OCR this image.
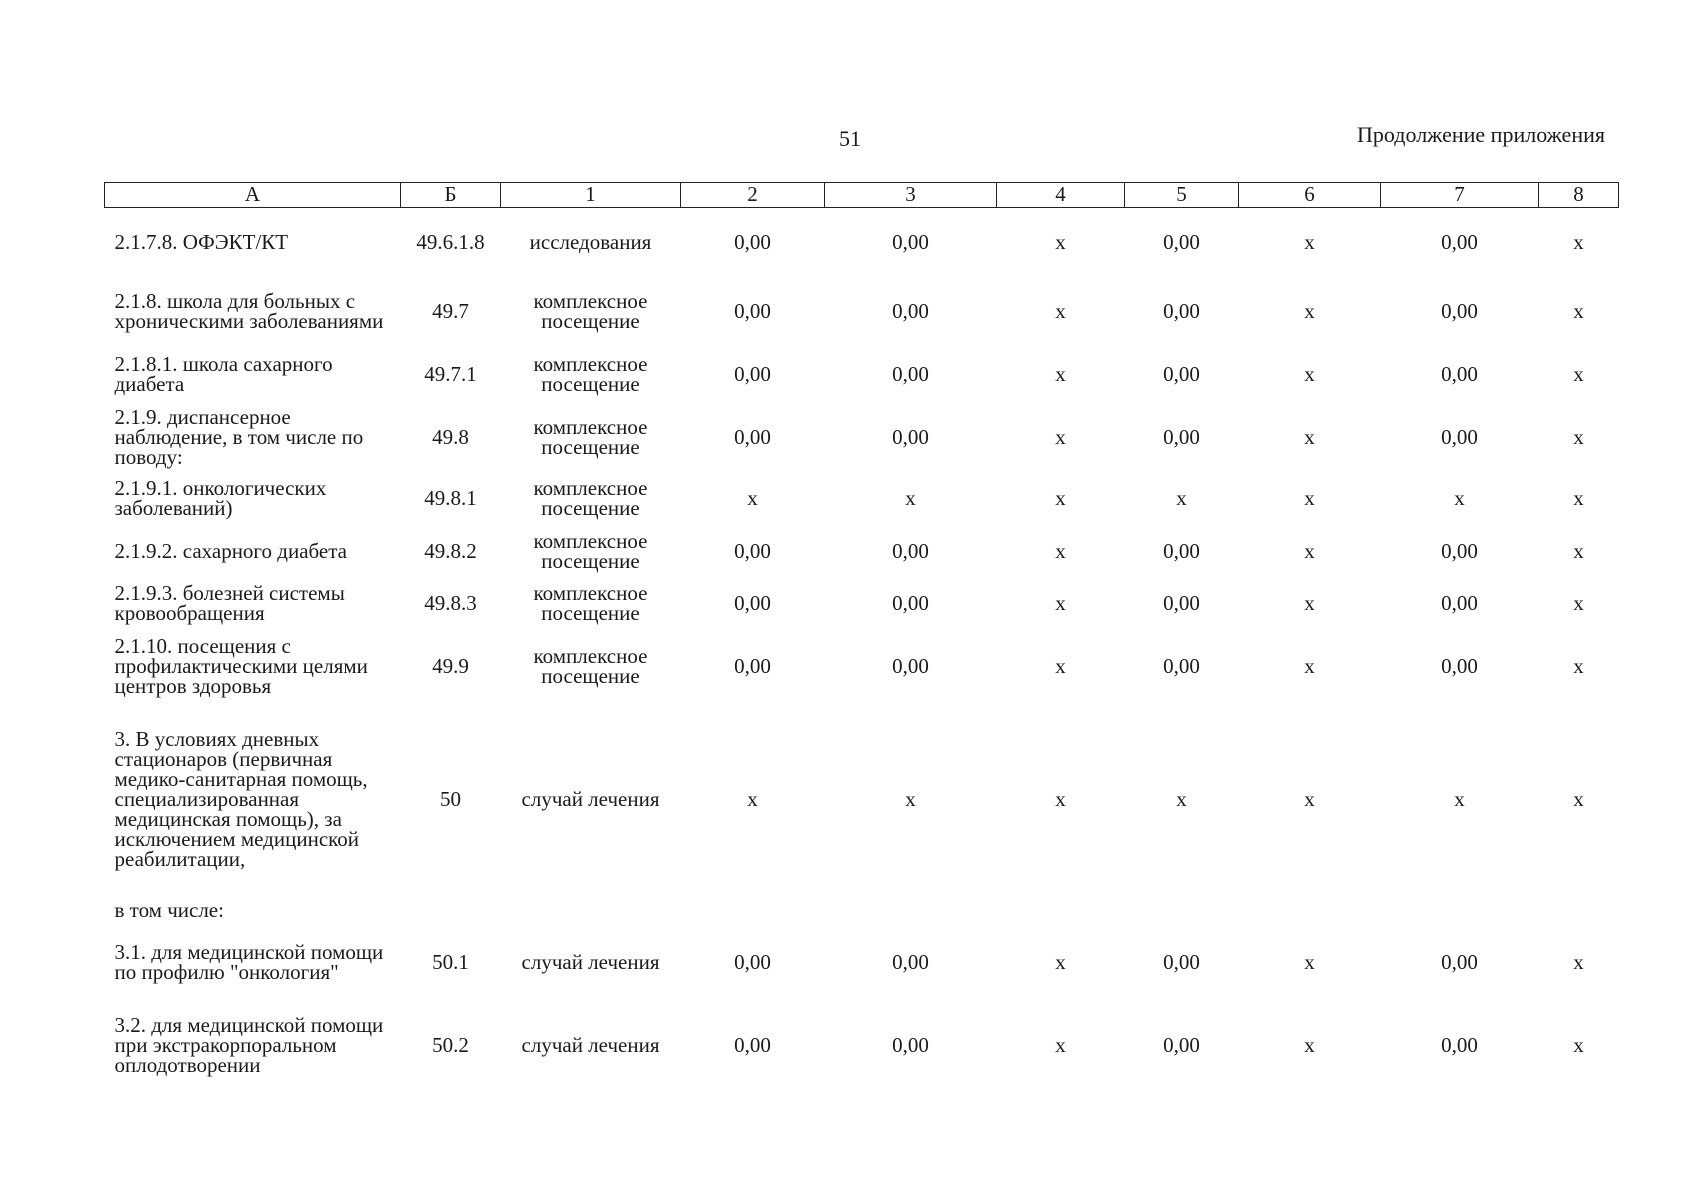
51	Продолжение приложения
А	Б	1	2	3	4	5	6	7	8
2.1.7.8. ОФЭКТ/КТ	49.6.1.8	исследования	0,00	0,00	х	0,00	х	0,00	х
2.1.8. школа для больных с хроническими заболеваниями	49.7	комплексное посещение	0,00	0,00	х	0,00	х	0,00	х
2.1.8.1. школа сахарного диабета	49.7.1	комплексное посещение	0,00	0,00	х	0,00	х	0,00	х
2.1.9. диспансерное наблюдение, в том числе по поводу:	49.8	комплексное посещение	0,00	0,00	х	0,00	х	0,00	х
2.1.9.1. онкологических заболеваний)	49.8.1	комплексное посещение	х	х	х	х	х	х	х
2.1.9.2. сахарного диабета	49.8.2	комплексное посещение	0,00	0,00	х	0,00	х	0,00	х
2.1.9.3. болезней системы кровообращения	49.8.3	комплексное посещение	0,00	0,00	х	0,00	х	0,00	х
2.1.10. посещения с профилактическими целями центров здоровья	49.9	комплексное посещение	0,00	0,00	х	0,00	х	0,00	х
3. В условиях дневных стационаров (первичная медико-санитарная помощь, специализированная медицинская помощь), за исключением медицинской реабилитации,	50	случай лечения	х	х	х	х	х	х	х
в том числе:									
3.1. для медицинской помощи по профилю "онкология"	50.1	случай лечения	0,00	0,00	х	0,00	х	0,00	х
3.2. для медицинской помощи при экстракорпоральном оплодотворении	50.2	случай лечения	0,00	0,00	х	0,00	х	0,00	х
